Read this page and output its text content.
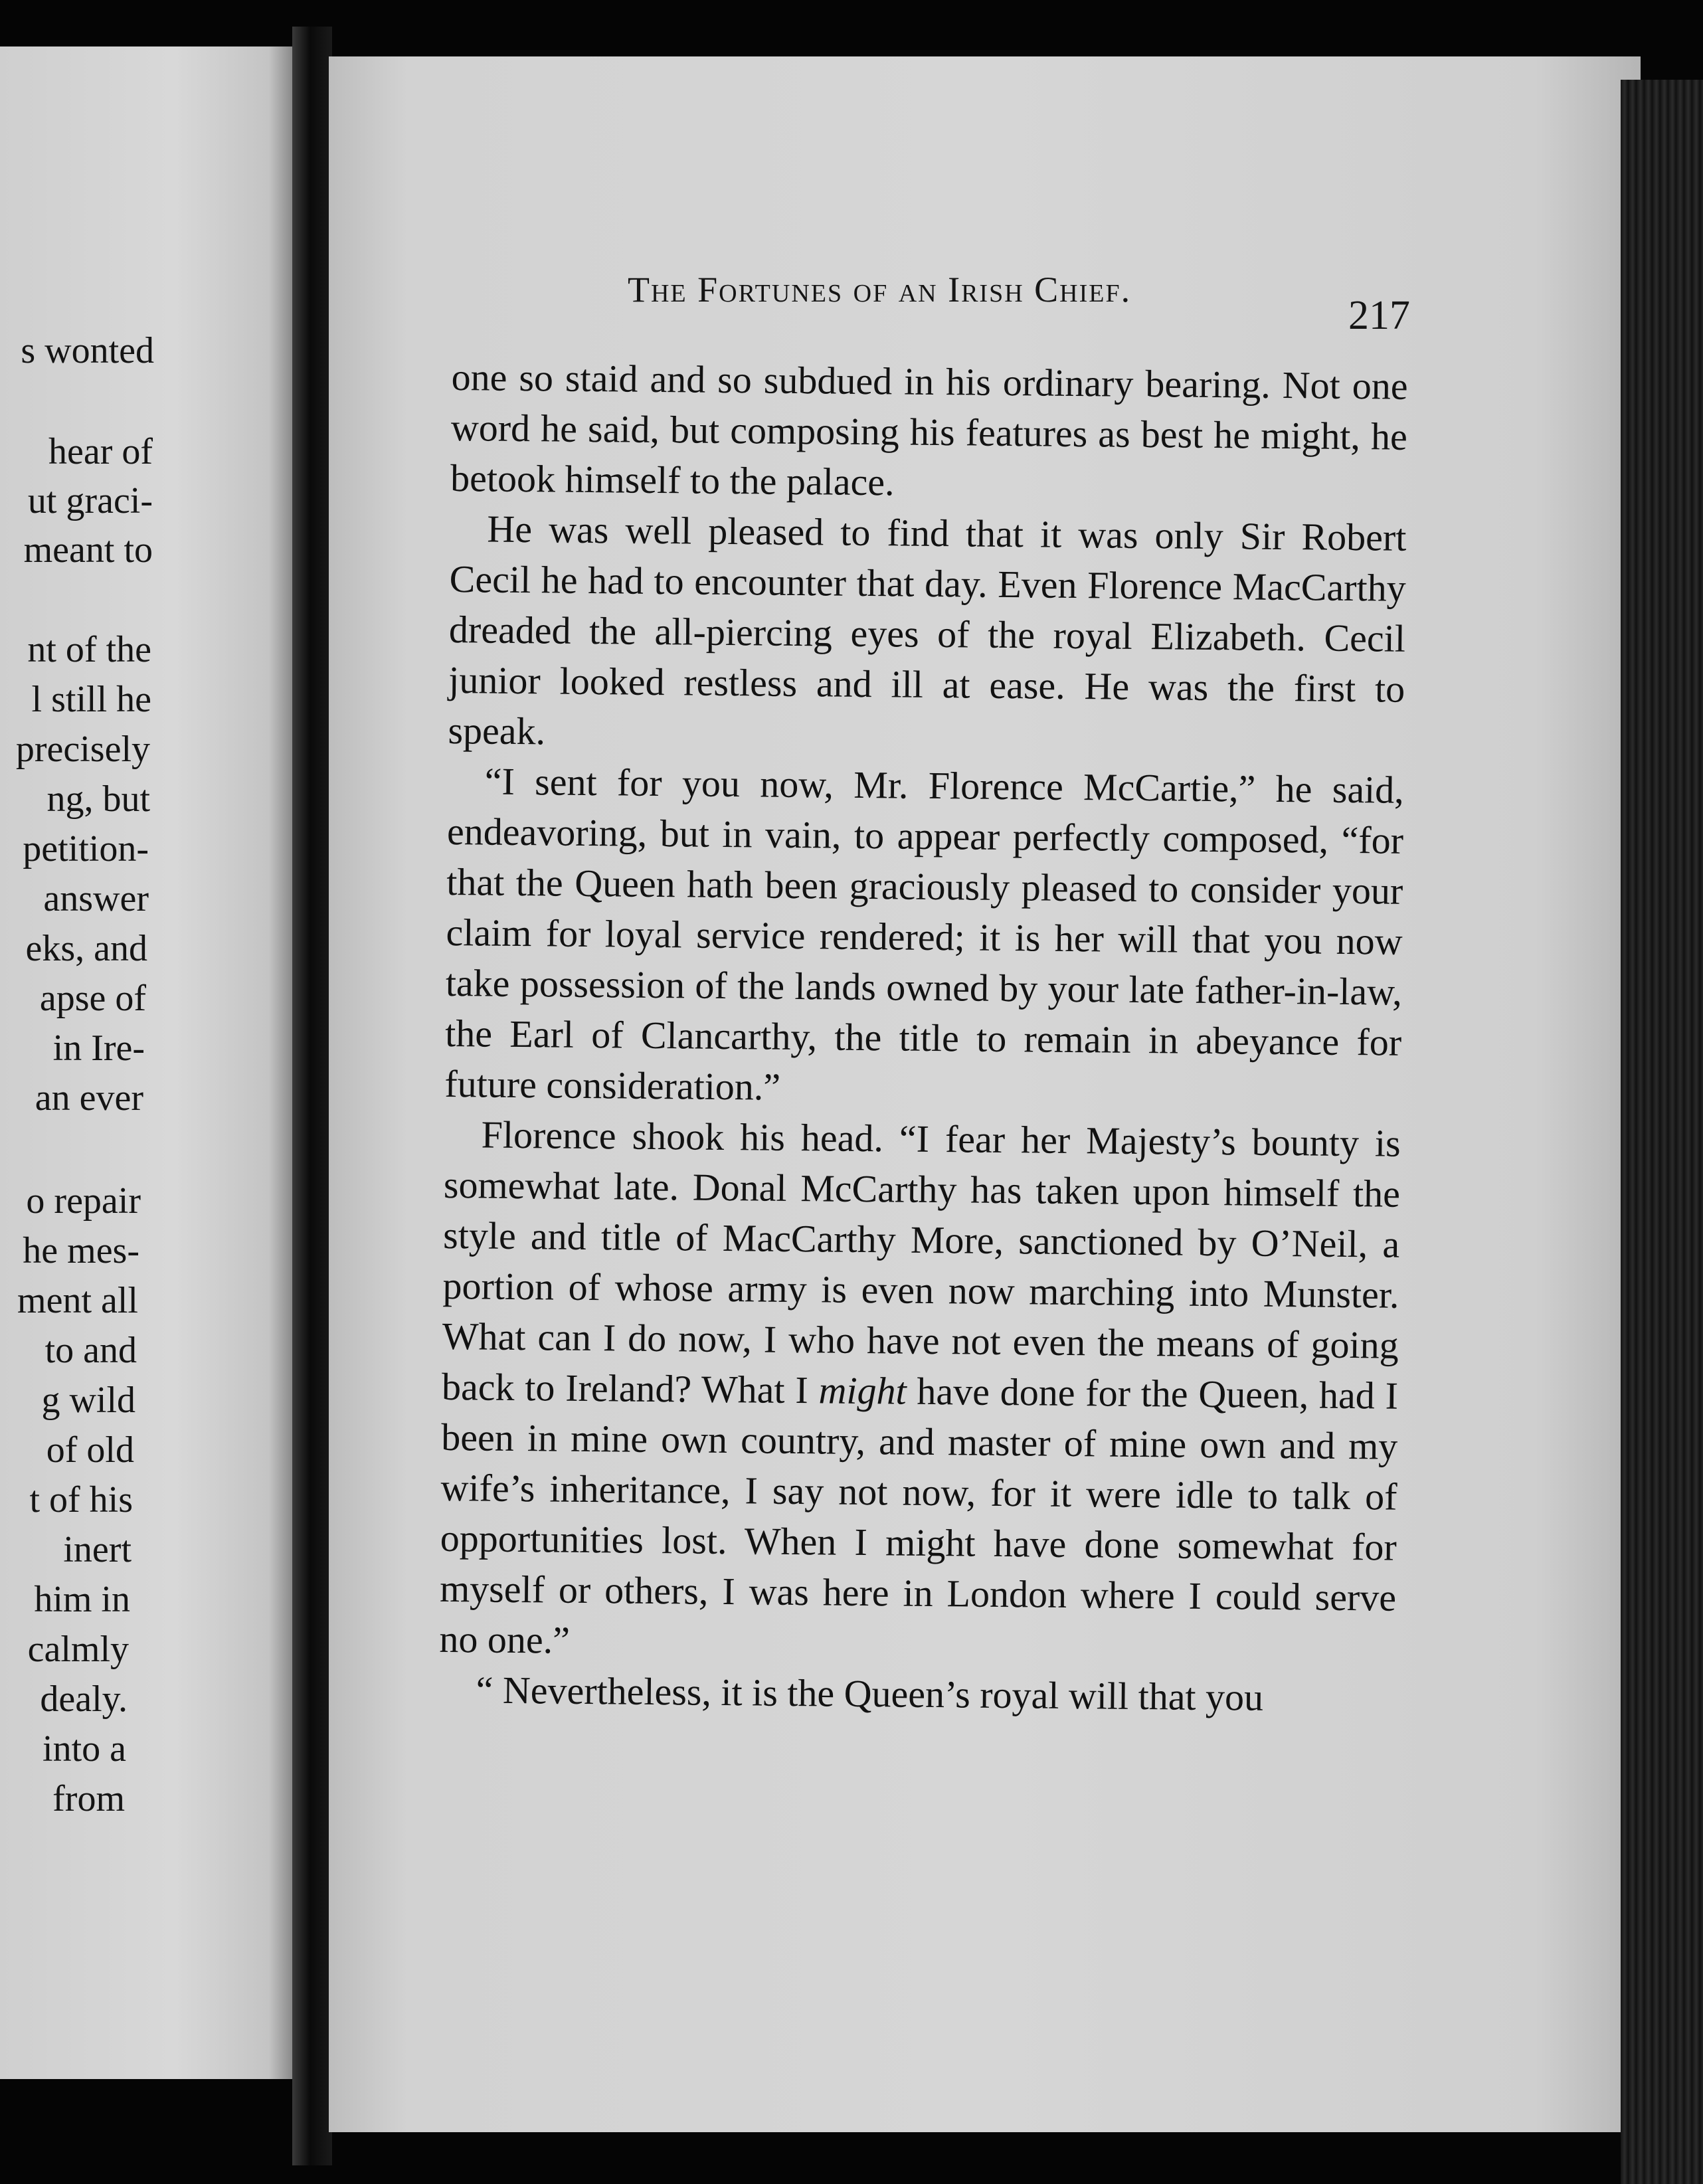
s wonted
hear of
ut graci-
meant to
nt of the
l still he
precisely
ng, but
petition-
answer
eks, and
apse of
in Ire-
an ever
o repair
he mes-
ment all
to and
g wild
of old
t of his
inert
him in
calmly
dealy.
into a
from
The Fortunes of an Irish Chief.
217

one so staid and so subdued in his ordinary bearing. Not one word he said, but composing his features as best he might, he betook himself to the palace.

He was well pleased to find that it was only Sir Robert Cecil he had to encounter that day. Even Florence MacCarthy dreaded the all-piercing eyes of the royal Elizabeth. Cecil junior looked restless and ill at ease. He was the first to speak.

“I sent for you now, Mr. Florence McCartie,” he said, endeavoring, but in vain, to appear perfectly composed, “for that the Queen hath been graciously pleased to consider your claim for loyal service rendered; it is her will that you now take possession of the lands owned by your late father-in-law, the Earl of Clancarthy, the title to remain in abeyance for future consideration.”

Florence shook his head. “I fear her Majesty’s bounty is somewhat late. Donal McCarthy has taken upon himself the style and title of MacCarthy More, sanctioned by O’Neil, a portion of whose army is even now marching into Munster. What can I do now, I who have not even the means of going back to Ireland? What I might have done for the Queen, had I been in mine own country, and master of mine own and my wife’s inheritance, I say not now, for it were idle to talk of opportunities lost. When I might have done somewhat for myself or others, I was here in London where I could serve no one.”

“ Nevertheless, it is the Queen’s royal will that you
